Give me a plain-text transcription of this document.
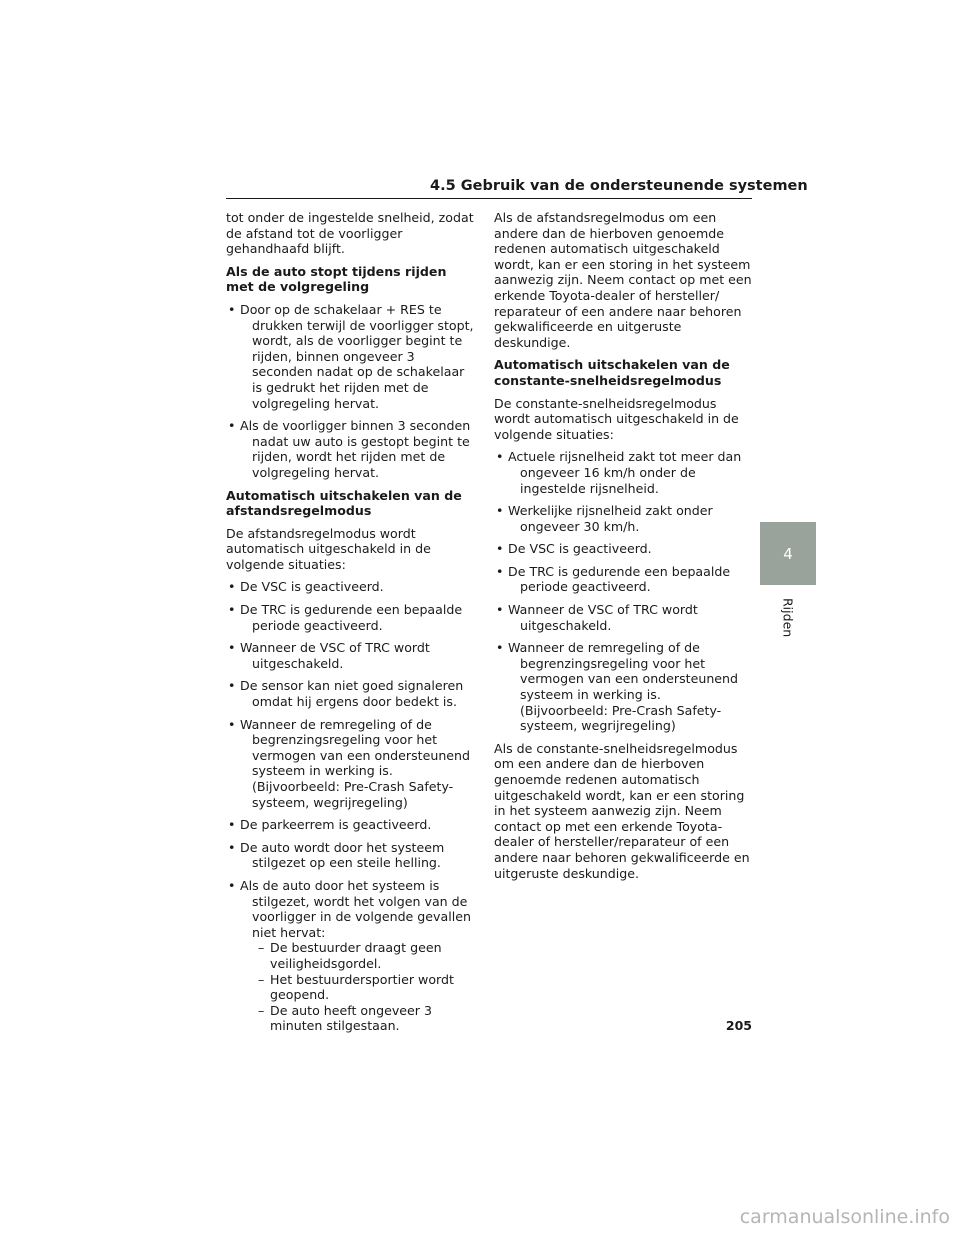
4.5 Gebruik van de ondersteunende systemen

tot onder de ingestelde snelheid, zodat de afstand tot de voorligger gehandhaafd blijft.

Als de auto stopt tijdens rijden met de volgregeling

• Door op de schakelaar + RES te drukken terwijl de voorligger stopt, wordt, als de voorligger begint te rijden, binnen ongeveer 3 seconden nadat op de schakelaar is gedrukt het rijden met de volgregeling hervat.
• Als de voorligger binnen 3 seconden nadat uw auto is gestopt begint te rijden, wordt het rijden met de volgregeling hervat.

Automatisch uitschakelen van de afstandsregelmodus

De afstandsregelmodus wordt automatisch uitgeschakeld in de volgende situaties:

• De VSC is geactiveerd.
• De TRC is gedurende een bepaalde periode geactiveerd.
• Wanneer de VSC of TRC wordt uitgeschakeld.
• De sensor kan niet goed signaleren omdat hij ergens door bedekt is.
• Wanneer de remregeling of de begrenzingsregeling voor het vermogen van een ondersteunend systeem in werking is. (Bijvoorbeeld: Pre-Crash Safety-systeem, wegrijregeling)
• De parkeerrem is geactiveerd.
• De auto wordt door het systeem stilgezet op een steile helling.
• Als de auto door het systeem is stilgezet, wordt het volgen van de voorligger in de volgende gevallen niet hervat:
– De bestuurder draagt geen veiligheidsgordel.
– Het bestuurdersportier wordt geopend.
– De auto heeft ongeveer 3 minuten stilgestaan.

Als de afstandsregelmodus om een andere dan de hierboven genoemde redenen automatisch uitgeschakeld wordt, kan er een storing in het systeem aanwezig zijn. Neem contact op met een erkende Toyota-dealer of hersteller/ reparateur of een andere naar behoren gekwalificeerde en uitgeruste deskundige.

Automatisch uitschakelen van de constante-snelheidsregelmodus

De constante-snelheidsregelmodus wordt automatisch uitgeschakeld in de volgende situaties:

• Actuele rijsnelheid zakt tot meer dan ongeveer 16 km/h onder de ingestelde rijsnelheid.
• Werkelijke rijsnelheid zakt onder ongeveer 30 km/h.
• De VSC is geactiveerd.
• De TRC is gedurende een bepaalde periode geactiveerd.
• Wanneer de VSC of TRC wordt uitgeschakeld.
• Wanneer de remregeling of de begrenzingsregeling voor het vermogen van een ondersteunend systeem in werking is. (Bijvoorbeeld: Pre-Crash Safety-systeem, wegrijregeling)

Als de constante-snelheidsregelmodus om een andere dan de hierboven genoemde redenen automatisch uitgeschakeld wordt, kan er een storing in het systeem aanwezig zijn. Neem contact op met een erkende Toyota-dealer of hersteller/reparateur of een andere naar behoren gekwalificeerde en uitgeruste deskundige.

4
Rijden
205
carmanualsonline.info
